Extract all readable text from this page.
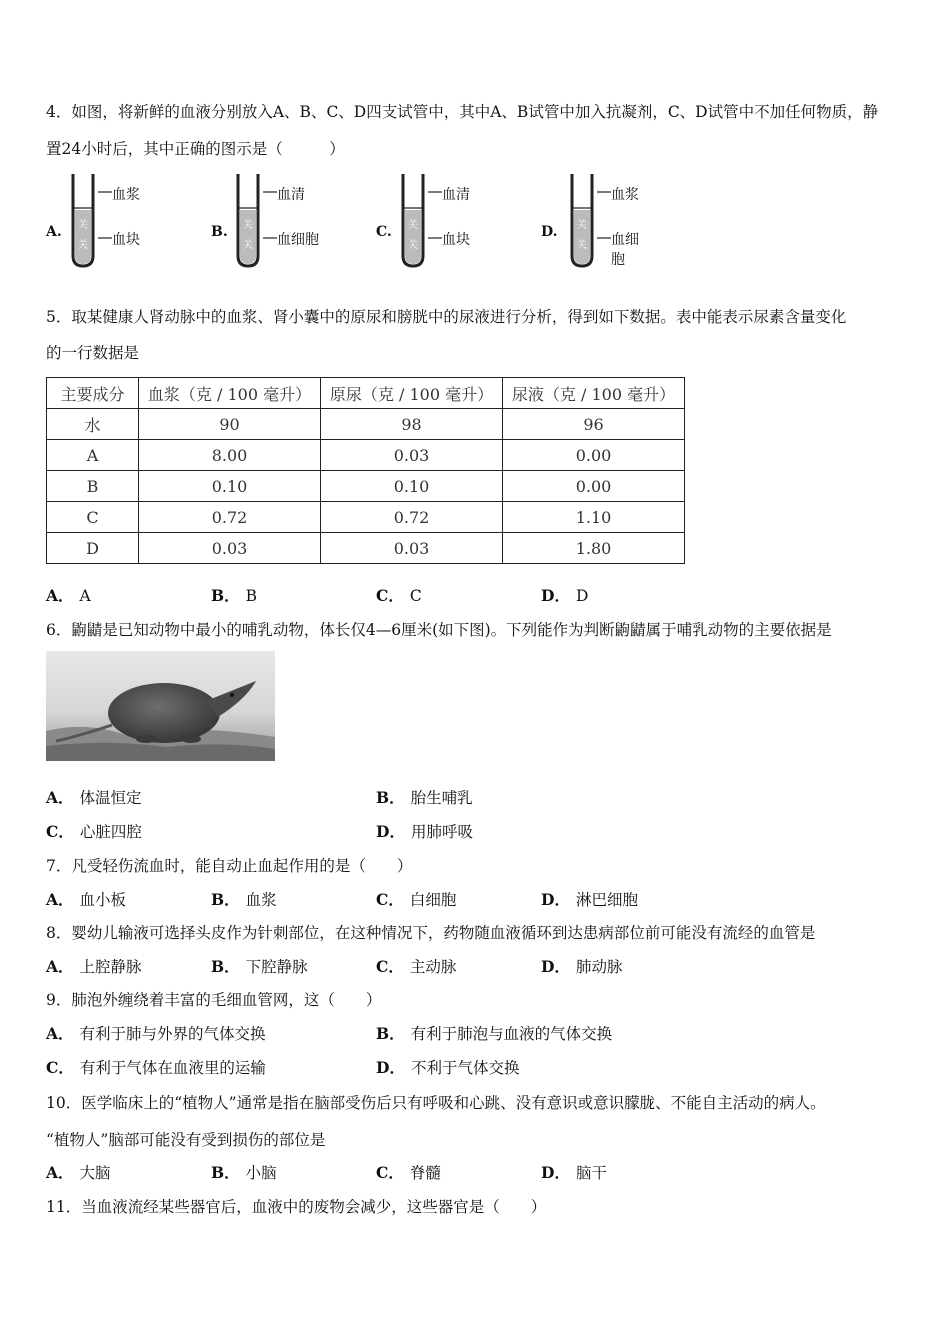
4．如图，将新鲜的血液分别放入A、B、C、D四支试管中，其中A、B试管中加入抗凝剂，C、D试管中不加任何物质，静
置24小时后，其中正确的图示是（　　　）
A. 关
关
血浆
血块	B. 关
关
血清
血细胞	C. 关
关
血清
血块	D. 关
关
血浆
血细胞
5．取某健康人肾动脉中的血浆、肾小囊中的原尿和膀胱中的尿液进行分析，得到如下数据。表中能表示尿素含量变化
的一行数据是
主要成分	血浆（克 / 100 毫升）	原尿（克 / 100 毫升）	尿液（克 / 100 毫升）
水	90	98	96
A	8.00	0.03	0.00
B	0.10	0.10	0.00
C	0.72	0.72	1.10
D	0.03	0.03	1.80
A． A	B． B	C． C	D． D
6．鼩鼱是已知动物中最小的哺乳动物，体长仅4—6厘米(如下图)。下列能作为判断鼩鼱属于哺乳动物的主要依据是
A． 体温恒定	B． 胎生哺乳
C． 心脏四腔	D． 用肺呼吸
7．凡受轻伤流血时，能自动止血起作用的是（　　）
A． 血小板	B． 血浆	C． 白细胞	D． 淋巴细胞
8．婴幼儿输液可选择头皮作为针刺部位，在这种情况下，药物随血液循环到达患病部位前可能没有流经的血管是
A． 上腔静脉	B． 下腔静脉	C． 主动脉	D． 肺动脉
9．肺泡外缠绕着丰富的毛细血管网，这（　　）
A． 有利于肺与外界的气体交换	B． 有利于肺泡与血液的气体交换
C． 有利于气体在血液里的运输	D． 不利于气体交换
10．医学临床上的“植物人”通常是指在脑部受伤后只有呼吸和心跳、没有意识或意识朦胧、不能自主活动的病人。
“植物人”脑部可能没有受到损伤的部位是
A． 大脑	B． 小脑	C． 脊髓	D． 脑干
11．当血液流经某些器官后，血液中的废物会减少，这些器官是（　　）
